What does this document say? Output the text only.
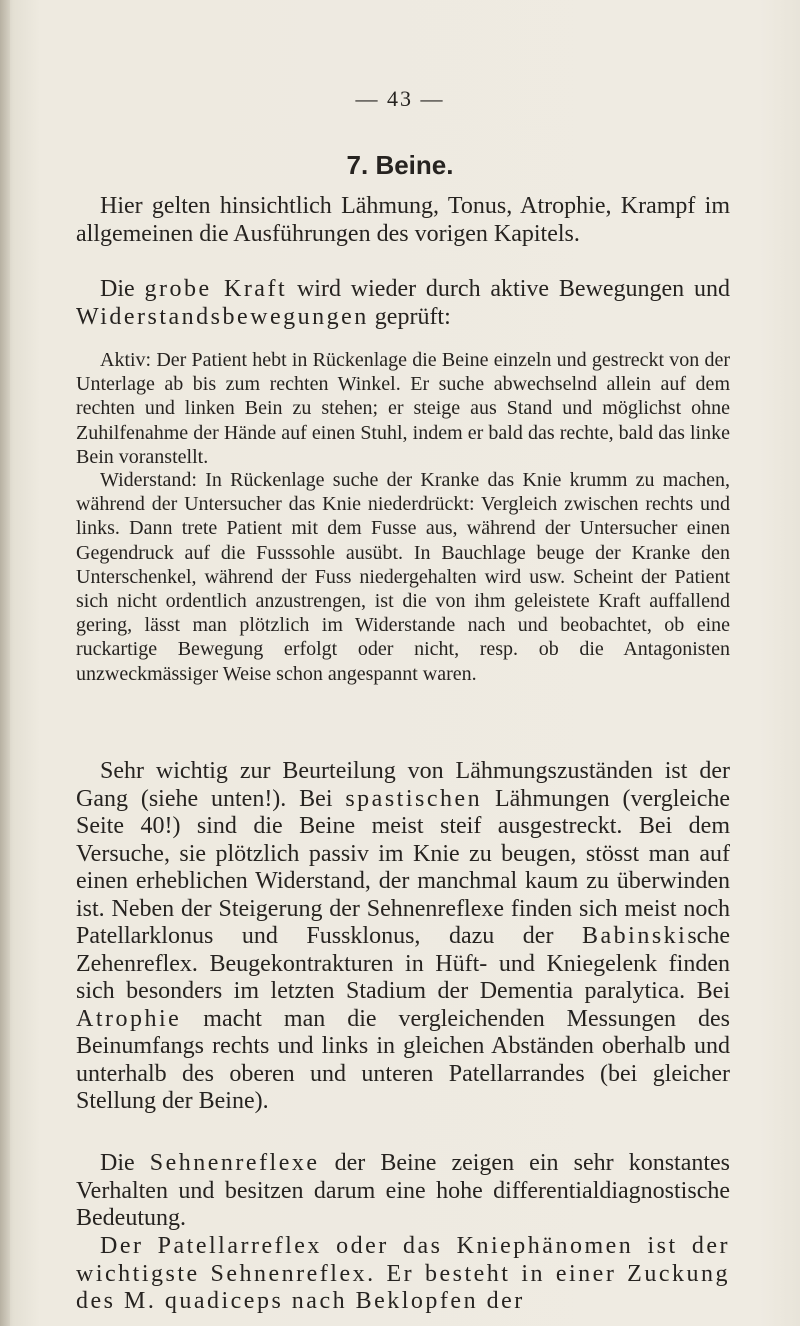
— 43 —
7. Beine.

Hier gelten hinsichtlich Lähmung, Tonus, Atrophie, Krampf im allgemeinen die Ausführungen des vorigen Kapitels.

Die grobe Kraft wird wieder durch aktive Bewegungen und Widerstandsbewegungen geprüft:

Aktiv: Der Patient hebt in Rückenlage die Beine einzeln und gestreckt von der Unterlage ab bis zum rechten Winkel. Er suche abwechselnd allein auf dem rechten und linken Bein zu stehen; er steige aus Stand und möglichst ohne Zuhilfenahme der Hände auf einen Stuhl, indem er bald das rechte, bald das linke Bein voranstellt.

Widerstand: In Rückenlage suche der Kranke das Knie krumm zu machen, während der Untersucher das Knie niederdrückt: Vergleich zwischen rechts und links. Dann trete Patient mit dem Fusse aus, während der Untersucher einen Gegendruck auf die Fusssohle ausübt. In Bauchlage beuge der Kranke den Unterschenkel, während der Fuss niedergehalten wird usw. Scheint der Patient sich nicht ordentlich anzustrengen, ist die von ihm geleistete Kraft auffallend gering, lässt man plötzlich im Widerstande nach und beobachtet, ob eine ruckartige Bewegung erfolgt oder nicht, resp. ob die Antagonisten unzweckmässiger Weise schon angespannt waren.

Sehr wichtig zur Beurteilung von Lähmungszuständen ist der Gang (siehe unten!). Bei spastischen Lähmungen (vergleiche Seite 40!) sind die Beine meist steif ausgestreckt. Bei dem Versuche, sie plötzlich passiv im Knie zu beugen, stösst man auf einen erheblichen Widerstand, der manchmal kaum zu überwinden ist. Neben der Steigerung der Sehnenreflexe finden sich meist noch Patellarklonus und Fussklonus, dazu der Babinskische Zehenreflex. Beugekontrakturen in Hüft- und Kniegelenk finden sich besonders im letzten Stadium der Dementia paralytica. Bei Atrophie macht man die vergleichenden Messungen des Beinumfangs rechts und links in gleichen Abständen oberhalb und unterhalb des oberen und unteren Patellarrandes (bei gleicher Stellung der Beine).

Die Sehnenreflexe der Beine zeigen ein sehr konstantes Verhalten und besitzen darum eine hohe differentialdiagnostische Bedeutung.

Der Patellarreflex oder das Kniephänomen ist der wichtigste Sehnenreflex. Er besteht in einer Zuckung des M. quadiceps nach Beklopfen der
